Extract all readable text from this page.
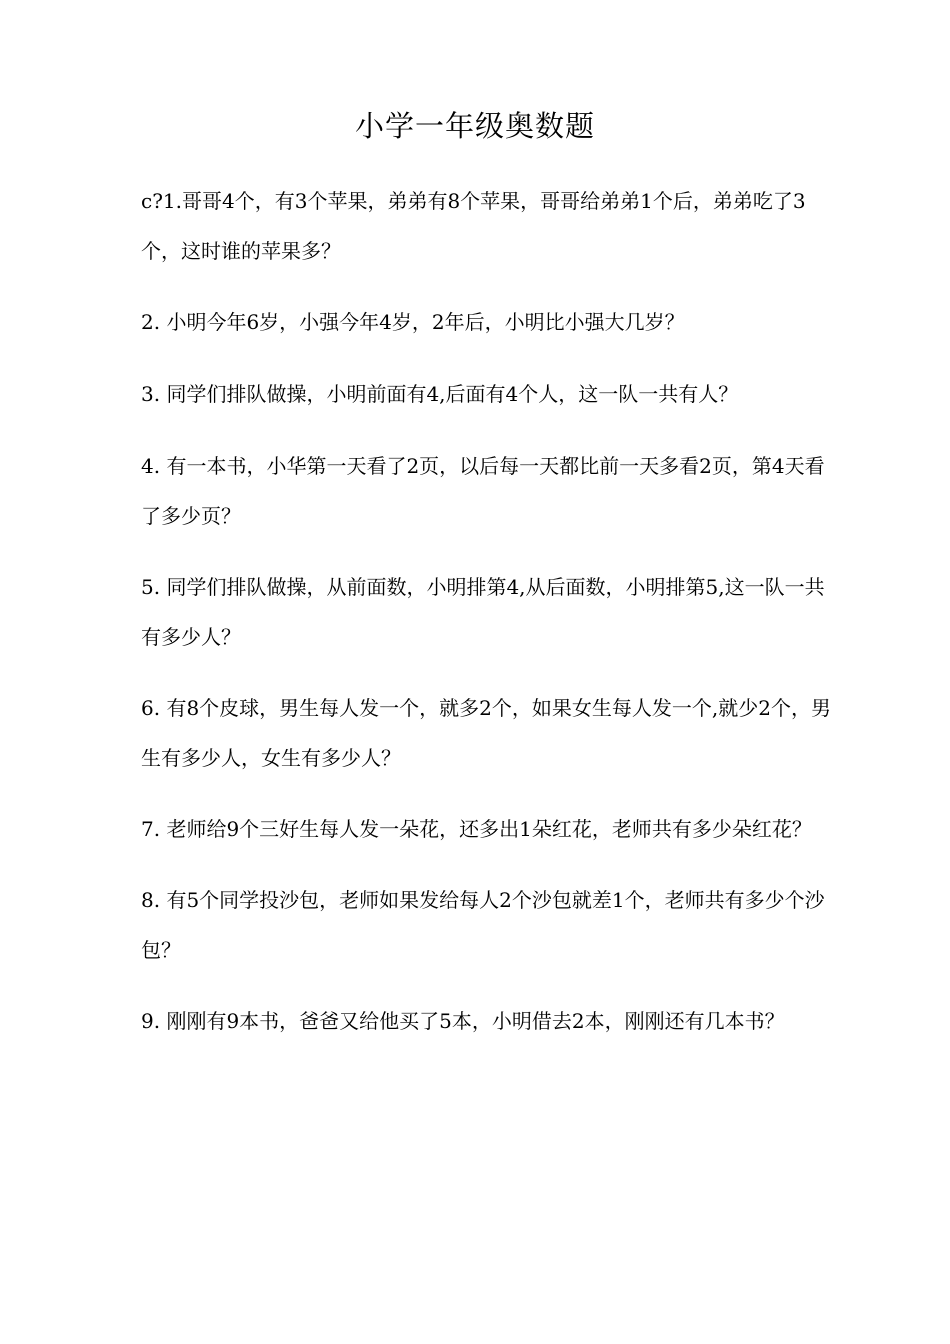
小学一年级奥数题
c?1.哥哥4个，有3个苹果，弟弟有8个苹果，哥哥给弟弟1个后，弟弟吃了3个，这时谁的苹果多？
2. 小明今年6岁，小强今年4岁，2年后，小明比小强大几岁？
3. 同学们排队做操，小明前面有4,后面有4个人，这一队一共有人？
4. 有一本书，小华第一天看了2页，以后每一天都比前一天多看2页，第4天看了多少页？
5. 同学们排队做操，从前面数，小明排第4,从后面数，小明排第5,这一队一共有多少人？
6. 有8个皮球，男生每人发一个，就多2个，如果女生每人发一个,就少2个，男生有多少人，女生有多少人？
7. 老师给9个三好生每人发一朵花，还多出1朵红花，老师共有多少朵红花？
8. 有5个同学投沙包，老师如果发给每人2个沙包就差1个，老师共有多少个沙包？
9. 刚刚有9本书，爸爸又给他买了5本，小明借去2本，刚刚还有几本书？
